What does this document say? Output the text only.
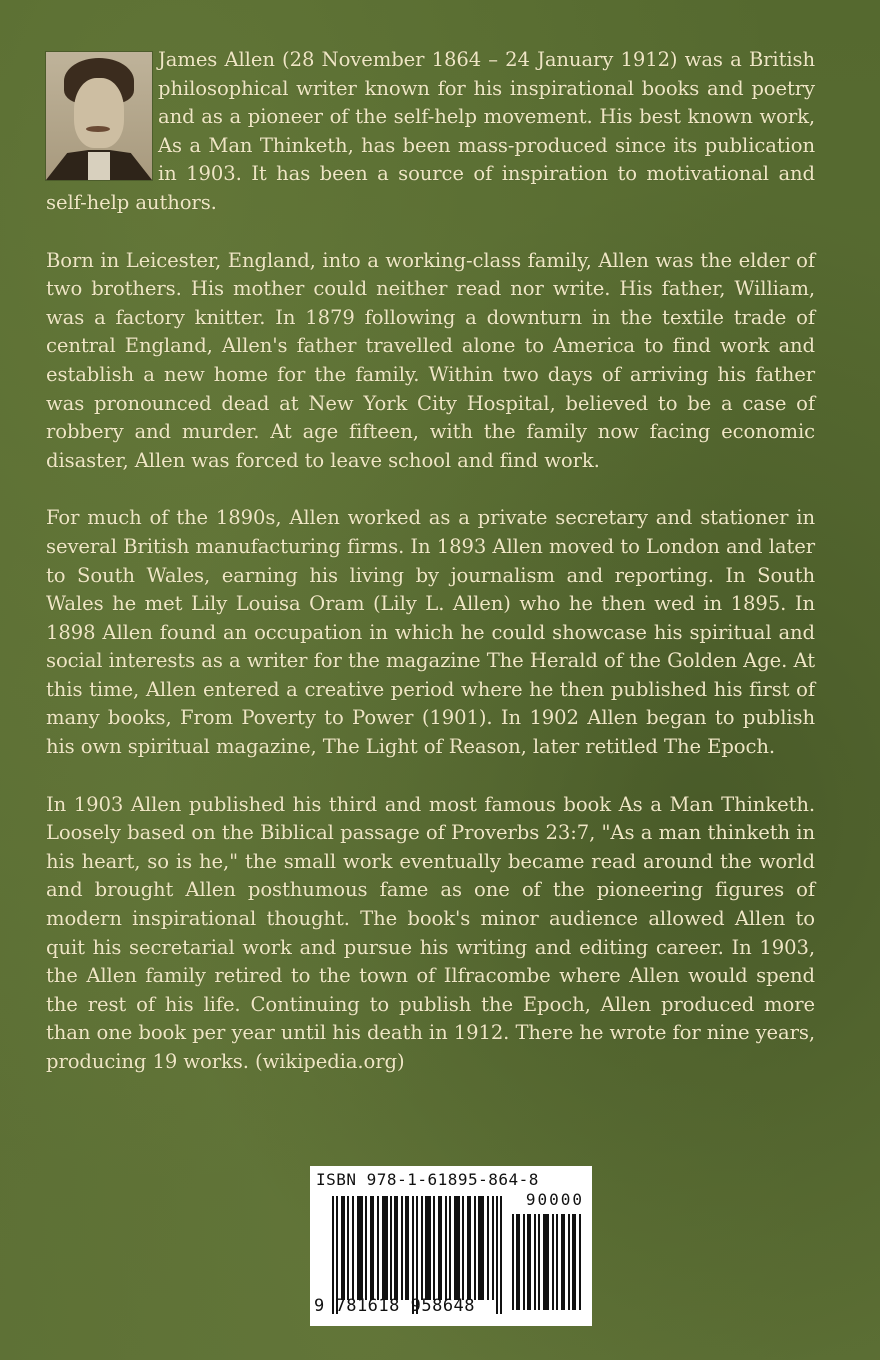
James Allen (28 November 1864 – 24 January 1912) was a British philosophical writer known for his inspirational books and poetry and as a pioneer of the self-help movement. His best known work, As a Man Thinketh, has been mass-produced since its publication in 1903. It has been a source of inspiration to motivational and self-help authors.

Born in Leicester, England, into a working-class family, Allen was the elder of two brothers. His mother could neither read nor write. His father, William, was a factory knitter. In 1879 following a downturn in the textile trade of central England, Allen's father travelled alone to America to find work and establish a new home for the family. Within two days of arriving his father was pronounced dead at New York City Hospital, believed to be a case of robbery and murder. At age fifteen, with the family now facing economic disaster, Allen was forced to leave school and find work.

For much of the 1890s, Allen worked as a private secretary and stationer in several British manufacturing firms. In 1893 Allen moved to London and later to South Wales, earning his living by journalism and reporting. In South Wales he met Lily Louisa Oram (Lily L. Allen) who he then wed in 1895. In 1898 Allen found an occupation in which he could showcase his spiritual and social interests as a writer for the magazine The Herald of the Golden Age. At this time, Allen entered a creative period where he then published his first of many books, From Poverty to Power (1901). In 1902 Allen began to publish his own spiritual magazine, The Light of Reason, later retitled The Epoch.

In 1903 Allen published his third and most famous book As a Man Thinketh. Loosely based on the Biblical passage of Proverbs 23:7, "As a man thinketh in his heart, so is he," the small work eventually became read around the world and brought Allen posthumous fame as one of the pioneering figures of modern inspirational thought. The book's minor audience allowed Allen to quit his secretarial work and pursue his writing and editing career. In 1903, the Allen family retired to the town of Ilfracombe where Allen would spend the rest of his life. Continuing to publish the Epoch, Allen produced more than one book per year until his death in 1912. There he wrote for nine years, producing 19 works. (wikipedia.org)

ISBN 978-1-61895-864-8
90000
9 781618 958648
